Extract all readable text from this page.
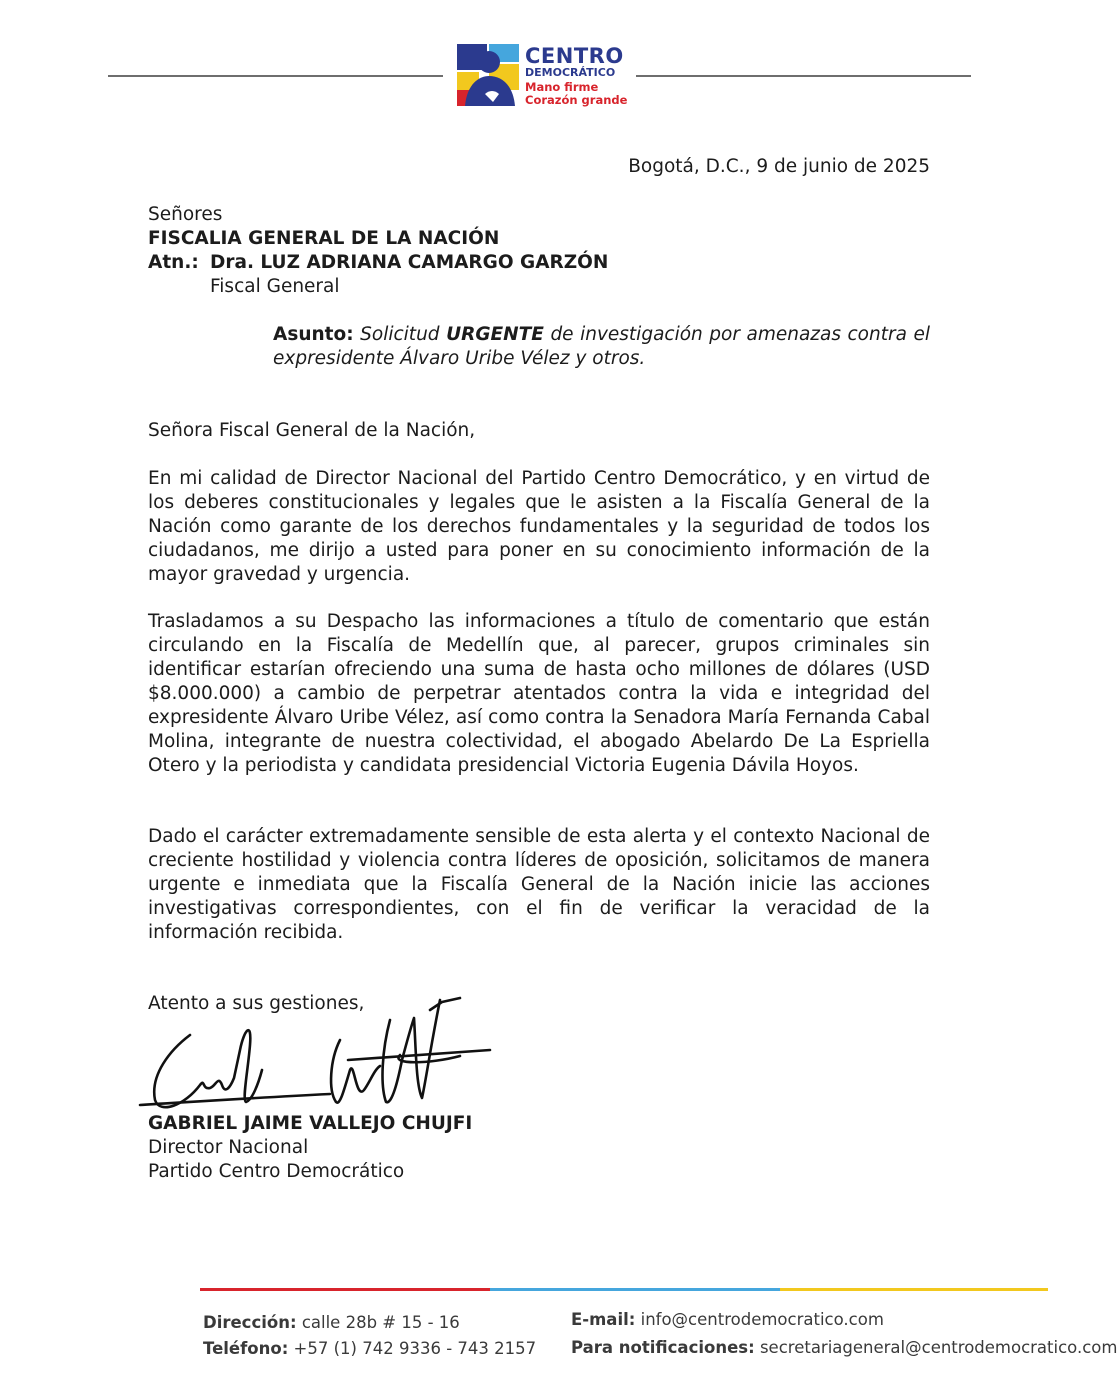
CENTRO
DEMOCRÁTICO
Mano firme
Corazón grande
Bogotá, D.C., 9 de junio de 2025
Señores
FISCALIA GENERAL DE LA NACIÓN
Atn.: Dra. LUZ ADRIANA CAMARGO GARZÓN
Fiscal General
Asunto: Solicitud URGENTE de investigación por amenazas contra el expresidente Álvaro Uribe Vélez y otros.
Señora Fiscal General de la Nación,
En mi calidad de Director Nacional del Partido Centro Democrático, y en virtud de los deberes constitucionales y legales que le asisten a la Fiscalía General de la Nación como garante de los derechos fundamentales y la seguridad de todos los ciudadanos, me dirijo a usted para poner en su conocimiento información de la mayor gravedad y urgencia.
Trasladamos a su Despacho las informaciones a título de comentario que están circulando en la Fiscalía de Medellín que, al parecer, grupos criminales sin identificar estarían ofreciendo una suma de hasta ocho millones de dólares (USD $8.000.000) a cambio de perpetrar atentados contra la vida e integridad del expresidente Álvaro Uribe Vélez, así como contra la Senadora María Fernanda Cabal Molina, integrante de nuestra colectividad, el abogado Abelardo De La Espriella Otero y la periodista y candidata presidencial Victoria Eugenia Dávila Hoyos.
Dado el carácter extremadamente sensible de esta alerta y el contexto Nacional de creciente hostilidad y violencia contra líderes de oposición, solicitamos de manera urgente e inmediata que la Fiscalía General de la Nación inicie las acciones investigativas correspondientes, con el fin de verificar la veracidad de la información recibida.
Atento a sus gestiones,
GABRIEL JAIME VALLEJO CHUJFI
Director Nacional
Partido Centro Democrático
Dirección: calle 28b # 15 - 16
Teléfono: +57 (1) 742 9336 - 743 2157
E-mail: info@centrodemocratico.com
Para notificaciones: secretariageneral@centrodemocratico.com
